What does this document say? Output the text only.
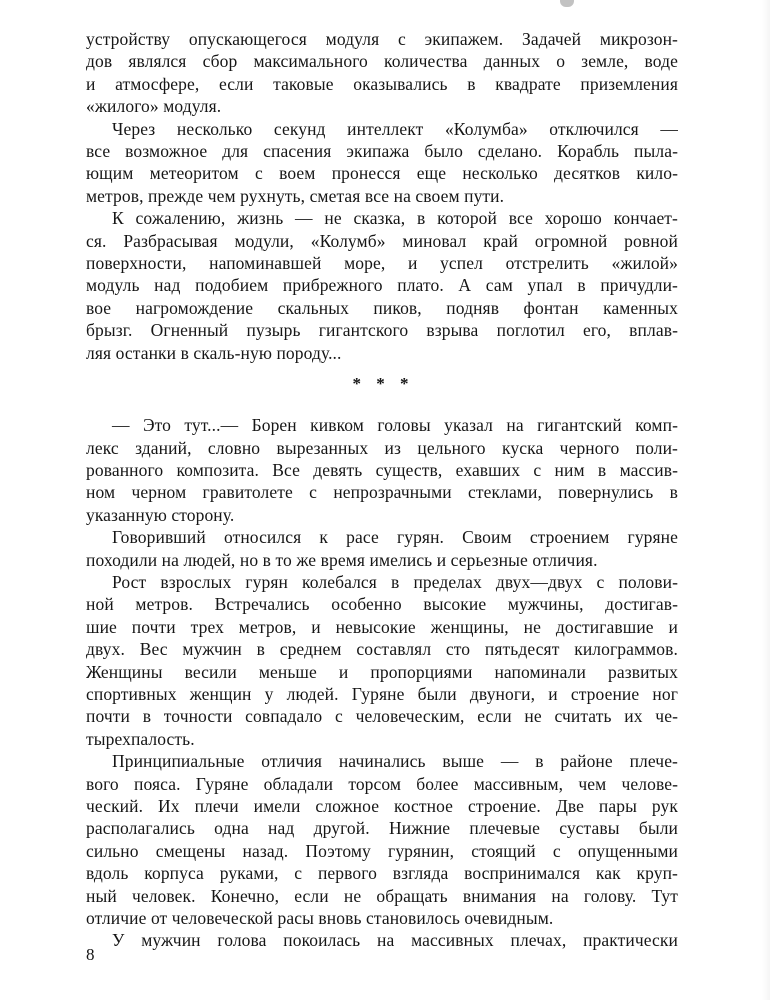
устройству опускающегося модуля с экипажем. Задачей микрозон-
дов являлся сбор максимального количества данных о земле, воде
и атмосфере, если таковые оказывались в квадрате приземления
«жилого» модуля.
Через несколько секунд интеллект «Колумба» отключился —
все возможное для спасения экипажа было сделано. Корабль пыла-
ющим метеоритом с воем пронесся еще несколько десятков кило-
метров, прежде чем рухнуть, сметая все на своем пути.
К сожалению, жизнь — не сказка, в которой все хорошо кончает-
ся. Разбрасывая модули, «Колумб» миновал край огромной ровной
поверхности, напоминавшей море, и успел отстрелить «жилой»
модуль над подобием прибрежного плато. А сам упал в причудли-
вое нагромождение скальных пиков, подняв фонтан каменных
брызг. Огненный пузырь гигантского взрыва поглотил его, вплав-
ляя останки в скаль-ную породу...
* * *
— Это тут...— Борен кивком головы указал на гигантский комп-
лекс зданий, словно вырезанных из цельного куска черного поли-
рованного композита. Все девять существ, ехавших с ним в массив-
ном черном гравитолете с непрозрачными стеклами, повернулись в
указанную сторону.
Говоривший относился к расе гурян. Своим строением гуряне
походили на людей, но в то же время имелись и серьезные отличия.
Рост взрослых гурян колебался в пределах двух—двух с полови-
ной метров. Встречались особенно высокие мужчины, достигав-
шие почти трех метров, и невысокие женщины, не достигавшие и
двух. Вес мужчин в среднем составлял сто пятьдесят килограммов.
Женщины весили меньше и пропорциями напоминали развитых
спортивных женщин у людей. Гуряне были двуноги, и строение ног
почти в точности совпадало с человеческим, если не считать их че-
тырехпалость.
Принципиальные отличия начинались выше — в районе плече-
вого пояса. Гуряне обладали торсом более массивным, чем челове-
ческий. Их плечи имели сложное костное строение. Две пары рук
располагались одна над другой. Нижние плечевые суставы были
сильно смещены назад. Поэтому гурянин, стоящий с опущенными
вдоль корпуса руками, с первого взгляда воспринимался как круп-
ный человек. Конечно, если не обращать внимания на голову. Тут
отличие от человеческой расы вновь становилось очевидным.
У мужчин голова покоилась на массивных плечах, практически
8
